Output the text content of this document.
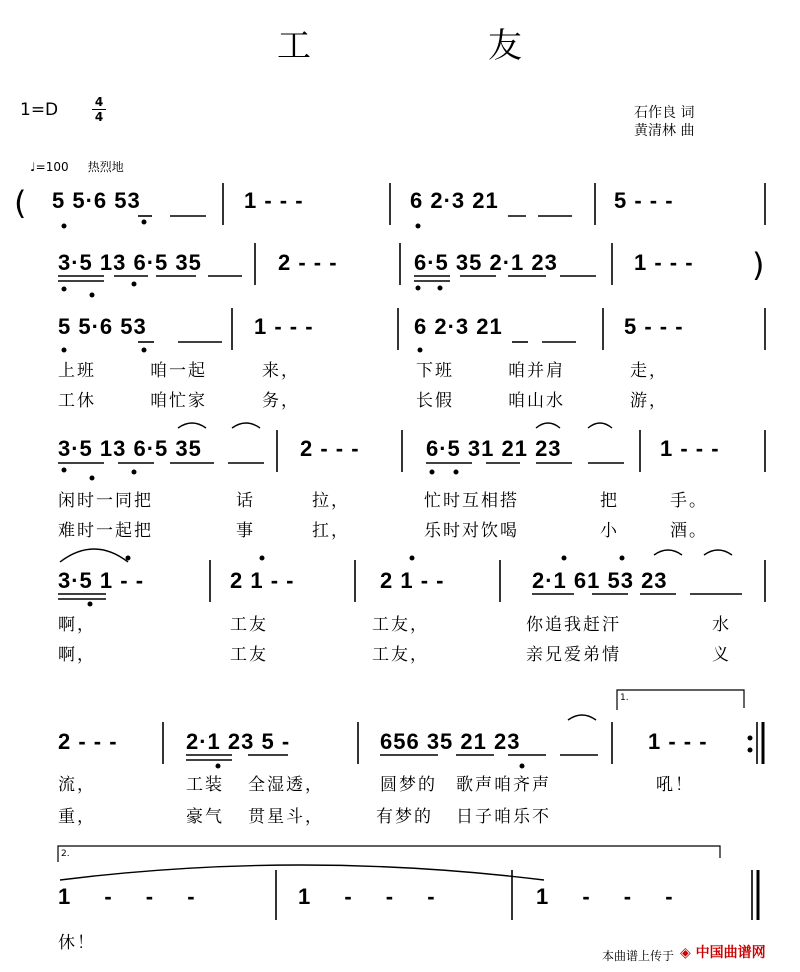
工	友
1=D	4
4	石作良 词
黄清林 曲
♩=100 热烈地
(
)
1.
2.
5 5·6 53	1 - - -	6 2·3 21	5 - - -
3·5 13 6·5 35	2 - - -	6·5 35 2·1 23	1 - - -
5 5·6 53	1 - - -	6 2·3 21	5 - - -
上班	咱一起	来，	下班	咱并肩	走，
工休	咱忙家	务，	长假	咱山水	游，
3·5 13 6·5 35	2 - - -	6·5 31 21 23	1 - - -
闲时一同把	话	拉，	忙时互相搭	把	手。
难时一起把	事	扛，	乐时对饮喝	小	酒。
3·5 1 - -	2 1 - -	2 1 - -	2·1 61 53 23
啊，	工友	工友，	你追我赶汗	水
啊，	工友	工友，	亲兄爱弟情	义
2 - - -	2·1 23 5 -	656 35 21 23	1 - - -
流，	工装 全湿透，	圆梦的 歌声咱齐声	吼！
重，	豪气 贯星斗，	有梦的 日子咱乐不
1 - - -	1 - - -	1 - - -
休！
本曲谱上传于 ◈ 中国曲谱网
